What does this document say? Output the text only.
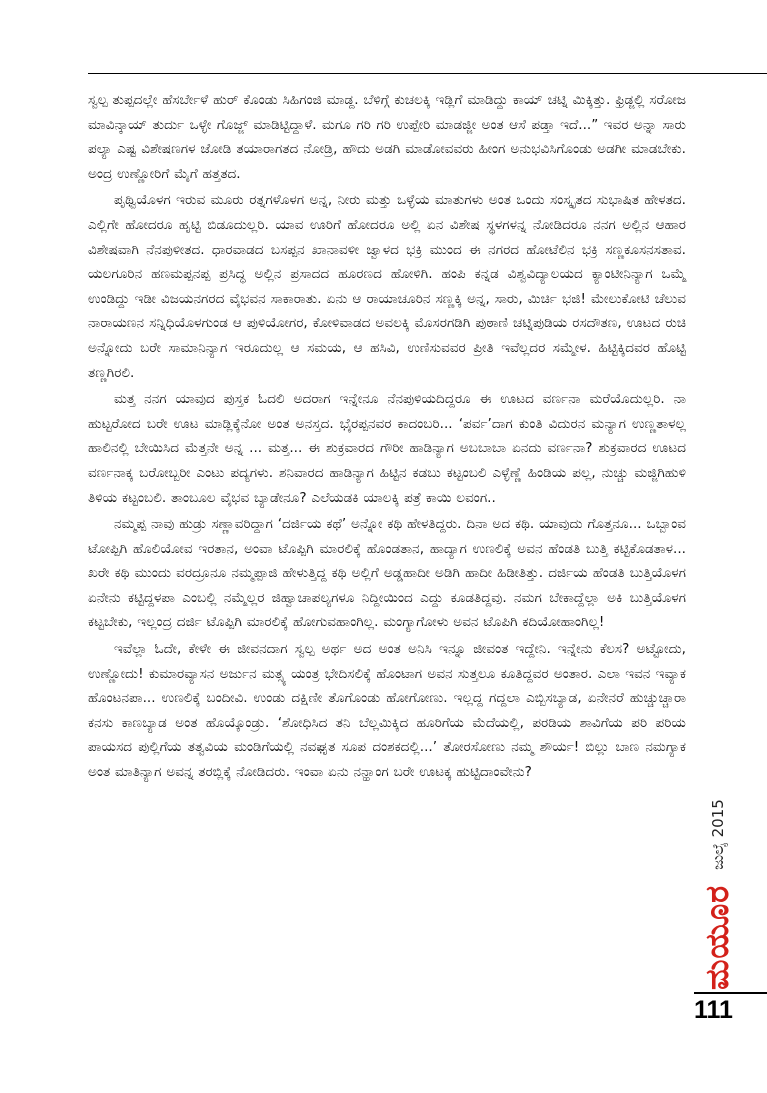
ಸ್ವಲ್ಪ ತುಪ್ಪದಲ್ಲೇ ಹೆಸರ್ಬೇಳೆ ಹುರ್ ಕೊಂಡು ಸಿಹಿಗಂಜಿ ಮಾಡ್ದ. ಬೆಳಿಗ್ಗೆ ಕುಚಲಕ್ಕಿ ಇಡ್ಲಿಗೆ ಮಾಡಿದ್ದು ಕಾಯ್ ಚಟ್ನಿ ಮಿಕ್ಕಿತ್ತು. ಫ್ರಿಡ್ಜಲ್ಲಿ ಸರೋಜ ಮಾವಿನ್ಕಾಯ್ ತುರ್ದು ಒಳ್ಳೇ ಗೊಜ್ಜ್ ಮಾಡಿಟ್ಟಿದ್ದಾಳೆ. ಮಗೂ ಗರಿ ಗರಿ ಉಪ್ಪೇರಿ ಮಾಡಜ್ಜೀ ಅಂತ ಆಸೆ ಪಡ್ತಾ ಇದೆ...” ಇವರ ಅನ್ನಾ ಸಾರು ಪಲ್ಯಾ ಎಷ್ಟ ವಿಶೇಷಣಗಳ ಜೋಡಿ ತಯಾರಾಗತದ ನೋಡ್ರಿ, ಹೌದು ಅಡಗಿ ಮಾಡೋವವರು ಹೀಂಗ ಅನುಭವಿಸಿಗೊಂಡು ಅಡಗೀ ಮಾಡಬೇಕು. ಅಂದ್ರ ಉಣ್ಣೋರಿಗೆ ಮೈಗೆ ಹತ್ತತದ.

ಪೃಥ್ವಿಯೊಳಗ ಇರುವ ಮೂರು ರತ್ನಗಳೊಳಗ ಅನ್ನ, ನೀರು ಮತ್ತು ಒಳ್ಳೆಯ ಮಾತುಗಳು ಅಂತ ಒಂದು ಸಂಸ್ಕೃತದ ಸುಭಾಷಿತ ಹೇಳತದ. ಎಲ್ಲಿಗೇ ಹೋದರೂ ಹೃಟ್ಟಿ ಬಿಡೂದುಲ್ಲರಿ. ಯಾವ ಊರಿಗೆ ಹೋದರೂ ಅಲ್ಲಿ ಏನ ವಿಶೇಷ ಸ್ಥಳಗಳನ್ನ ನೋಡಿದರೂ ನನಗ ಅಲ್ಲಿನ ಆಹಾರ ವಿಶೇಷವಾಗಿ ನೆನಪುಳೀತದ. ಧಾರವಾಡದ ಬಸಪ್ಪನ ಖಾನಾವಳೀ ಜ್ವಾಳದ ಭಕ್ರಿ ಮುಂದ ಈ ನಗರದ ಹೋಟೆಲಿನ ಭಕ್ರಿ ಸಣ್ಣಕೂಸನಸತಾವ. ಯಲಗೂರಿನ ಹಣಮಪ್ಪನಪ್ಪ ಪ್ರಸಿದ್ಧ ಅಲ್ಲಿನ ಪ್ರಸಾದದ ಹೂರಣದ ಹೋಳಿಗಿ. ಹಂಪಿ ಕನ್ನಡ ವಿಶ್ವವಿದ್ಯಾಲಯದ ಕ್ಯಾಂಟೀನಿನ್ಯಾಗ ಒಮ್ಮೆ ಉಂಡಿದ್ದು ಇಡೀ ವಿಜಯನಗರದ ವೈಭವನ ಸಾಕಾರಾತು. ಏನು ಆ ರಾಯಾಚೂರಿನ ಸಣ್ಣಕ್ಕಿ ಅನ್ನ, ಸಾರು, ಮಿರ್ಚಿ ಭಜಿ! ಮೇಲುಕೋಟಿ ಚೆಲುವ ನಾರಾಯಣನ ಸನ್ನಿಧಿಯೊಳಗುಂಡ ಆ ಪುಳಿಯೋಗರ, ಕೋಳಿವಾಡದ ಅವಲಕ್ಕಿ ಮೊಸರಗಡಿಗಿ ಪುಠಾಣಿ ಚಟ್ನಿಪುಡಿಯ ರಸದೌತಣ, ಊಟದ ರುಚಿ ಅನ್ನೋದು ಬರೇ ಸಾಮಾನಿನ್ಯಾಗ ಇರೂದುಲ್ಲ ಆ ಸಮಯ, ಆ ಹಸಿವಿ, ಉಣಿಸುವವರ ಪ್ರೀತಿ ಇವೆಲ್ಲದರ ಸಮ್ಮೇಳ. ಹಿಟ್ಟಿಕ್ಕಿದವರ ಹೊಟ್ಟಿ ತಣ್ಣಗಿರಲಿ.

ಮತ್ತ ನನಗ ಯಾವುದ ಪುಸ್ತಕ ಓದಲಿ ಅದರಾಗ ಇನ್ನೇನೂ ನೆನಪುಳಿಯದಿದ್ದರೂ ಈ ಊಟದ ವರ್ಣನಾ ಮರೆಯೊದುಲ್ಲರಿ. ನಾ ಹುಟ್ಟರೋದ ಬರೇ ಊಟ ಮಾಡ್ಲಿಕ್ಕೆನೋ ಅಂತ ಅನಸ್ತದ. ಭೈರಪ್ಪನವರ ಕಾದಂಬರಿ... ‘ಪರ್ವ’ದಾಗ ಕುಂತಿ ವಿದುರನ ಮನ್ಯಾಗ ಉಣ್ಣತಾಳಲ್ಲ ಹಾಲಿನಲ್ಲಿ ಬೇಯಿಸಿದ ಮೆತ್ತನೇ ಅನ್ನ ... ಮತ್ತ... ಈ ಶುಕ್ರವಾರದ ಗೌರೀ ಹಾಡಿನ್ಯಾಗ ಅಬಬಾಬಾ ಏನದು ವರ್ಣನಾ? ಶುಕ್ರವಾರದ ಊಟದ ವರ್ಣನಾಕ್ಕ ಬರೋಬ್ಬರೀ ಎಂಟು ಪದ್ಯಗಳು. ಶನಿವಾರದ ಹಾಡಿನ್ಯಾಗ ಹಿಟ್ಟಿನ ಕಡಬು ಕಟ್ಟಂಬಲಿ ಎಳ್ಳೆಣ್ಣೆ ಹಿಂಡಿಯ ಪಲ್ಲ, ನುಚ್ಚು ಮಜ್ಜಿಗಿಹುಳಿ ತಿಳಿಯ ಕಟ್ಟಂಬಲಿ. ತಾಂಬೂಲ ವೈಭವ ಬ್ಯಾಡೇನೂ? ಎಲೆಯಡಕಿ ಯಾಲಕ್ಕಿ ಪತ್ರೆ ಕಾಯಿ ಲವಂಗ..

ನಮ್ಮಪ್ಪ ನಾವು ಹುಡ್ರು ಸಣ್ಣಾವರಿದ್ದಾಗ ‘ದರ್ಜಿಯ ಕಥೆ’ ಅನ್ನೋ ಕಥಿ ಹೇಳತಿದ್ದರು. ದಿನಾ ಅದ ಕಥಿ. ಯಾವುದು ಗೊತ್ತನೂ... ಒಬ್ಬಾಂವ ಟೋಪ್ಪಿಗಿ ಹೊಲಿಯೋವ ಇರತಾನ, ಅಂವಾ ಟೊಪ್ಪಿಗಿ ಮಾರಲಿಕ್ಕೆ ಹೊಂಡತಾನ, ಹಾದ್ಯಾಗ ಉಣಲಿಕ್ಕೆ ಅವನ ಹೆಂಡತಿ ಬುತ್ತಿ ಕಟ್ಟಿಕೊಡತಾಳ... ಖರೇ ಕಥಿ ಮುಂದು ವರದ್ರೂನೂ ನಮ್ಮಪ್ಪಾಜಿ ಹೇಳುತ್ತಿದ್ದ ಕಥಿ ಅಲ್ಲಿಗೆ ಅಡ್ಡಹಾದೀ ಅಡಿಗಿ ಹಾದೀ ಹಿಡೀತಿತ್ತು. ದರ್ಜಿಯ ಹೆಂಡತಿ ಬುತ್ತಿಯೊಳಗ ಏನೇನು ಕಟ್ಟಿದ್ದಳಪಾ ಎಂಬಲ್ಲಿ ನಮ್ಮೆಲ್ಲರ ಜಿಹ್ವಾಚಾಪಲ್ಯಗಳೂ ನಿದ್ದೀಯಿಂದ ಎದ್ದು ಕೂಡತಿದ್ದವು. ನಮಗ ಬೇಕಾದ್ದೆಲ್ಲಾ ಅಕಿ ಬುತ್ತಿಯೊಳಗ ಕಟ್ಟಬೇಕು, ಇಲ್ಲಂದ್ರ ದರ್ಜಿ ಟೊಪ್ಪಿಗಿ ಮಾರಲಿಕ್ಕೆ ಹೋಗುವಹಾಂಗಿಲ್ಲ. ಮಂಗ್ಯಾಗೋಳು ಅವನ ಟೊಪಿಗಿ ಕದಿಯೋಹಾಂಗಿಲ್ಲ!

ಇವೆಲ್ಲಾ ಓದೇ, ಕೇಳೇ ಈ ಜೀವನದಾಗ ಸ್ವಲ್ಪ ಅರ್ಥ ಅದ ಅಂತ ಅನಿಸಿ ಇನ್ನೂ ಜೀವಂತ ಇದ್ದೇನಿ. ಇನ್ನೇನು ಕೆಲಸ? ಅಟ್ಟೋದು, ಉಣ್ಣೋದು! ಕುಮಾರವ್ಯಾಸನ ಅರ್ಜುನ ಮತ್ಸ್ಯ ಯಂತ್ರ ಭೇದಿಸಲಿಕ್ಕೆ ಹೊಂಟಾಗ ಅವನ ಸುತ್ತಲೂ ಕೂತಿದ್ದವರ ಅಂತಾರ. ಎಲಾ ಇವನ ಇವ್ಯಾಕ ಹೊಂಟನಪಾ... ಉಣಲಿಕ್ಕೆ ಬಂದೀವಿ. ಉಂಡು ದಕ್ಷಿಣೀ ತೊಗೊಂಡು ಹೋಗೋಣು. ಇಲ್ಲದ್ದ ಗದ್ದಲಾ ಎಬ್ಬಿಸಬ್ಯಾಡ, ಏನೇನರೆ ಹುಚ್ಚುಚ್ಚಾರಾ ಕನಸು ಕಾಣಬ್ಯಾಡ ಅಂತ ಹೊಯ್ಕೊಂಡ್ರು. ‘ಶೋಧಿಸಿದ ತನಿ ಬೆಲ್ಲಮಿಕ್ಕಿದ ಹೂರಿಗೆಯ ಮೆದೆಯಲ್ಲಿ, ಪರಡಿಯ ಶಾವಿಗೆಯ ಪರಿ ಪರಿಯ ಪಾಯಸದ ಪುಲ್ಲಿಗೆಯ ತತ್ವವಿಯ ಮಂಡಿಗೆಯಲ್ಲಿ ನವಘೃತ ಸೂಪ ದಂಶಕದಲ್ಲಿ...’ ತೋರಸೋಣು ನಮ್ಮ ಶೌರ್ಯ! ಬಿಲ್ಲು ಬಾಣ ನಮಗ್ಯಾಕ ಅಂತ ಮಾತಿನ್ಯಾಗ ಅವನ್ನ ತರಬ್ಲಿಕ್ಕೆ ನೋಡಿದರು. ಇಂವಾ ಏನು ನನ್ಹಾಂಗ ಬರೇ ಊಟಕ್ಕ ಹುಟ್ಟಿದಾಂವೇನು?

ಮಯೂರ ಜುಲೈ 2015
111
